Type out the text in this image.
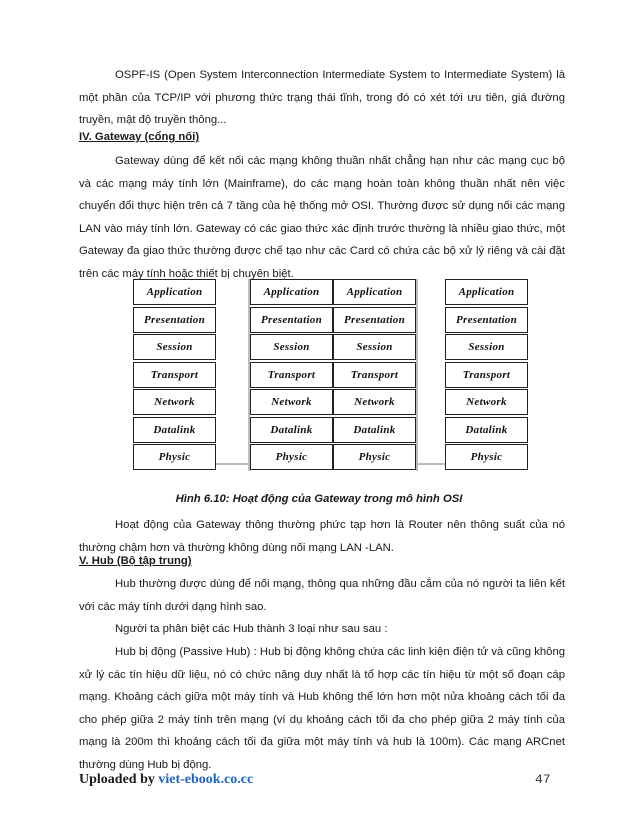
OSPF-IS (Open System Interconnection Intermediate System to Intermediate System) là một phần của TCP/IP với phương thức trạng thái tĩnh, trong đó có xét tới ưu tiên, giá đường truyền, mật độ truyền thông...

IV. Gateway (cổng nối)

Gateway dùng để kết nối các mạng không thuần nhất chẳng hạn như các mạng cục bộ và các mạng máy tính lớn (Mainframe), do các mạng hoàn toàn không thuần nhất nên việc chuyển đổi thực hiện trên cả 7 tầng của hệ thống mở OSI. Thường được sử dụng nối các mạng LAN vào máy tính lớn. Gateway có các giao thức xác định trước thường là nhiều giao thức, một Gateway đa giao thức thường được chế tạo như các Card có chứa các bộ xử lý riêng và cài đặt trên các máy tính hoặc thiết bị chuyên biệt.

Application
Presentation
Session
Transport
Network
Datalink
Physic
Application
Presentation
Session
Transport
Network
Datalink
Physic
Application
Presentation
Session
Transport
Network
Datalink
Physic
Application
Presentation
Session
Transport
Network
Datalink
Physic

Hình 6.10: Hoạt động của Gateway trong mô hình OSI

Hoạt động của Gateway thông thường phức tạp hơn là Router nên thông suất của nó thường chậm hơn và thường không dùng nối mạng LAN -LAN.

V. Hub (Bộ tập trung)

Hub thường được dùng để nối mạng, thông qua những đầu cắm của nó người ta liên kết với các máy tính dưới dạng hình sao.

Người ta phân biệt các Hub thành 3 loại như sau sau :

Hub bị động (Passive Hub) : Hub bị động không chứa các linh kiện điện tử và cũng không xử lý các tín hiệu dữ liệu, nó có chức năng duy nhất là tổ hợp các tín hiệu từ một số đoạn cáp mạng. Khoảng cách giữa một máy tính và Hub không thể lớn hơn một nửa khoảng cách tối đa cho phép giữa 2 máy tính trên mạng (ví dụ khoảng cách tối đa cho phép giữa 2 máy tính của mạng là 200m thì khoảng cách tối đa giữa một máy tính và hub là 100m). Các mạng ARCnet thường dùng Hub bị động.

Uploaded by viet-ebook.co.cc	47
